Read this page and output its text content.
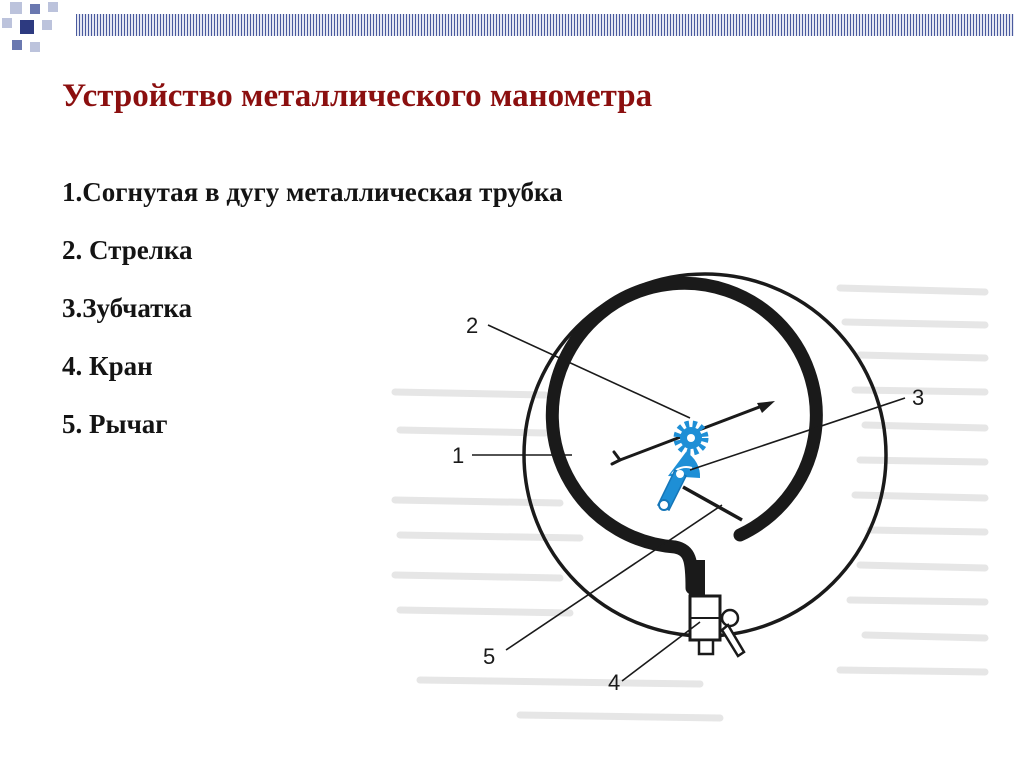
Устройство металлического манометра
1.Согнутая в дугу металлическая трубка
2. Стрелка
3.Зубчатка
4. Кран
5. Рычаг
2
3
1
5
4
